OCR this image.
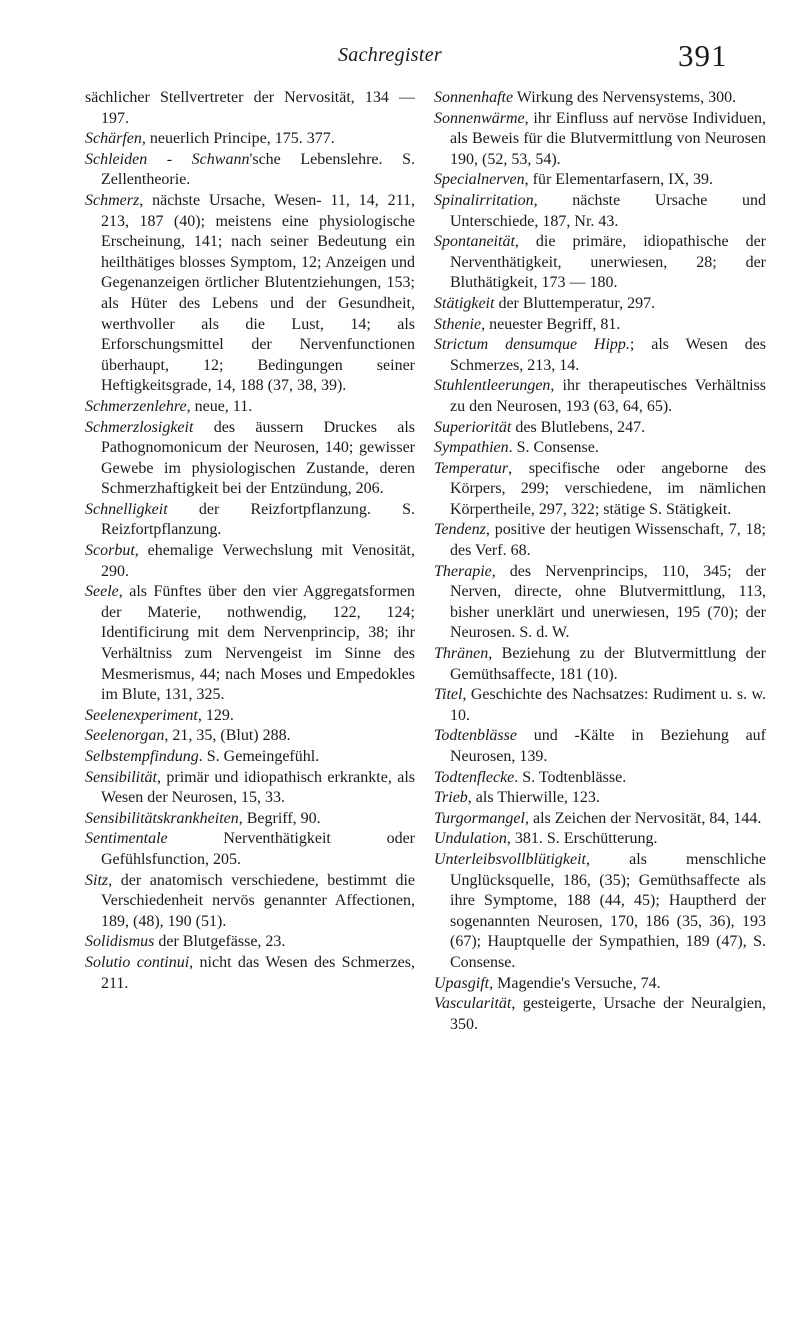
Sachregister	391

sächlicher Stellvertreter der Nervosität, 134 — 197.

Schärfen, neuerlich Principe, 175. 377.

Schleiden - Schwann'sche Lebenslehre. S. Zellentheorie.

Schmerz, nächste Ursache, Wesen- 11, 14, 211, 213, 187 (40); meistens eine physiologische Erscheinung, 141; nach seiner Bedeutung ein heilthätiges blosses Symptom, 12; Anzeigen und Gegenanzeigen örtlicher Blutentziehungen, 153; als Hüter des Lebens und der Gesundheit, werthvoller als die Lust, 14; als Erforschungsmittel der Nervenfunctionen überhaupt, 12; Bedingungen seiner Heftigkeitsgrade, 14, 188 (37, 38, 39).

Schmerzenlehre, neue, 11.

Schmerzlosigkeit des äussern Druckes als Pathognomonicum der Neurosen, 140; gewisser Gewebe im physiologischen Zustande, deren Schmerzhaftigkeit bei der Entzündung, 206.

Schnelligkeit der Reizfortpflanzung. S. Reizfortpflanzung.

Scorbut, ehemalige Verwechslung mit Venosität, 290.

Seele, als Fünftes über den vier Aggregatsformen der Materie, nothwendig, 122, 124; Identificirung mit dem Nervenprincip, 38; ihr Verhältniss zum Nervengeist im Sinne des Mesmerismus, 44; nach Moses und Empedokles im Blute, 131, 325.

Seelenexperiment, 129.

Seelenorgan, 21, 35, (Blut) 288.

Selbstempfindung. S. Gemeingefühl.

Sensibilität, primär und idiopathisch erkrankte, als Wesen der Neurosen, 15, 33.

Sensibilitätskrankheiten, Begriff, 90.

Sentimentale Nerventhätigkeit oder Gefühlsfunction, 205.

Sitz, der anatomisch verschiedene, bestimmt die Verschiedenheit nervös genannter Affectionen, 189, (48), 190 (51).

Solidismus der Blutgefässe, 23.

Solutio continui, nicht das Wesen des Schmerzes, 211.

Sonnenhafte Wirkung des Nervensystems, 300.

Sonnenwärme, ihr Einfluss auf nervöse Individuen, als Beweis für die Blutvermittlung von Neurosen 190, (52, 53, 54).

Specialnerven, für Elementarfasern, IX, 39.

Spinalirritation, nächste Ursache und Unterschiede, 187, Nr. 43.

Spontaneität, die primäre, idiopathische der Nerventhätigkeit, unerwiesen, 28; der Bluthätigkeit, 173 — 180.

Stätigkeit der Bluttemperatur, 297.

Sthenie, neuester Begriff, 81.

Strictum densumque Hipp.; als Wesen des Schmerzes, 213, 14.

Stuhlentleerungen, ihr therapeutisches Verhältniss zu den Neurosen, 193 (63, 64, 65).

Superiorität des Blutlebens, 247.

Sympathien. S. Consense.

Temperatur, specifische oder angeborne des Körpers, 299; verschiedene, im nämlichen Körpertheile, 297, 322; stätige S. Stätigkeit.

Tendenz, positive der heutigen Wissenschaft, 7, 18; des Verf. 68.

Therapie, des Nervenprincips, 110, 345; der Nerven, directe, ohne Blutvermittlung, 113, bisher unerklärt und unerwiesen, 195 (70); der Neurosen. S. d. W.

Thränen, Beziehung zu der Blutvermittlung der Gemüthsaffecte, 181 (10).

Titel, Geschichte des Nachsatzes: Rudiment u. s. w. 10.

Todtenblässe und -Kälte in Beziehung auf Neurosen, 139.

Todtenflecke. S. Todtenblässe.

Trieb, als Thierwille, 123.

Turgormangel, als Zeichen der Nervosität, 84, 144.

Undulation, 381. S. Erschütterung.

Unterleibsvollblütigkeit, als menschliche Unglücksquelle, 186, (35); Gemüthsaffecte als ihre Symptome, 188 (44, 45); Hauptherd der sogenannten Neurosen, 170, 186 (35, 36), 193 (67); Hauptquelle der Sympathien, 189 (47), S. Consense.

Upasgift, Magendie's Versuche, 74.

Vascularität, gesteigerte, Ursache der Neuralgien, 350.
